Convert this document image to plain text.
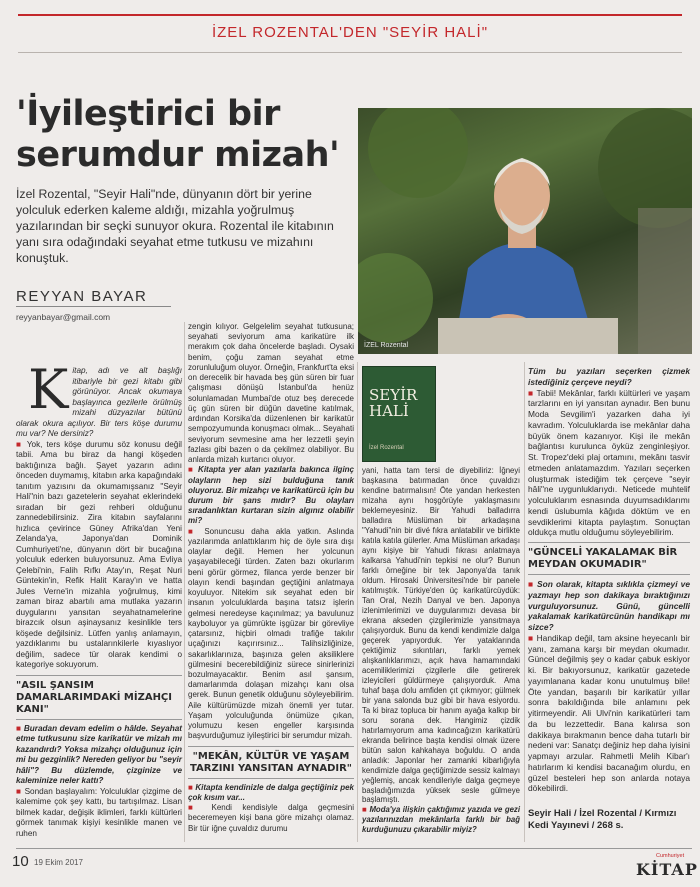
İZEL ROZENTAL'DEN "SEYİR HALİ"
'İyileştirici bir serumdur mizah'

İzel Rozental, "Seyir Hali"nde, dünyanın dört bir yerine yolculuk ederken kaleme aldığı, mizahla yoğrulmuş yazılarından bir seçki sunuyor okura. Rozental ile kitabının yanı sıra odağındaki seyahat etme tutkusu ve mizahını konuştuk.

REYYAN BAYAR
reyyanbayar@gmail.com
İZEL Rozental
K itap, adı ve alt başlığı itibariyle bir gezi kitabı gibi görünüyor. Ancak okumaya başlayınca gezilerle örülmüş mizahi düzyazılar bütünü olarak okura açılıyor. Bir ters köşe durumu mu var? Ne dersiniz?

■ Yok, ters köşe durumu söz konusu değil tabii. Ama bu biraz da hangi köşeden baktığınıza bağlı. Şayet yazarın adını önceden duymamış, kitabın arka kapağındaki tanıtım yazısını da okumamışsanız "Seyir Hali"nin bazı gazetelerin seyahat eklerindeki sıradan bir gezi rehberi olduğunu zannedebilirsiniz. Zira kitabın sayfalarını hızlıca çevirince Güney Afrika'dan Yeni Zelanda'ya, Japonya'dan Dominik Cumhuriyeti'ne, dünyanın dört bir bucağına yolculuk ederken buluyorsunuz. Ama Evliya Çelebi'nin, Falih Rıfkı Atay'ın, Reşat Nuri Güntekin'in, Refik Halit Karay'ın ve hatta Jules Verne'in mizahla yoğrulmuş, kimi zaman biraz abartılı ama mutlaka yazarın duygularını yansıtan seyahatnamelerine birazcık olsun aşinaysanız kesinlikle ters köşede değilsiniz. Lütfen yanlış anlamayın, yazdıklarımı bu ustalarınkilerle kıyaslıyor değilim, sadece tür olarak kendimi o kategoriye sokuyorum.

"ASIL ŞANSIM DAMARLARIMDAKİ MİZAHÇI KANI"

■ Buradan devam edelim o hâlde. Seyahat etme tutkusunu size karikatür ve mizah mı kazandırdı? Yoksa mizahçı olduğunuz için mi bu gezginlik? Nereden geliyor bu "seyir hâli"? Bu düzlemde, çizginize ve kaleminize neler kattı?

■ Sondan başlayalım: Yolculuklar çizgime de kalemime çok şey kattı, bu tartışılmaz. Lisan bilmek kadar, değişik iklimleri, farklı kültürleri görmek tanımak kişiyi kesinlikle manen ve ruhen

zengin kılıyor. Gelgelelim seyahat tutkusuna; seyahati seviyorum ama karikatüre ilk merakım çok daha öncelerde başladı. Oysaki benim, çoğu zaman seyahat etme zorunluluğum oluyor. Örneğin, Frankfurt'ta eksi on derecelik bir havada beş gün süren bir fuar çalışması dönüşü İstanbul'da henüz solunlamadan Mumbai'de otuz beş derecede üç gün süren bir düğün davetine katılmak, ardından Korsika'da düzenlenen bir karikatür sempozyumunda konuşmacı olmak... Seyahati seviyorum sevmesine ama her lezzetli şeyin fazlası gibi bazen o da çekilmez olabiliyor. Bu anlarda mizah kurtarıcı oluyor.

■ Kitapta yer alan yazılarla bakınca ilginç olayların hep sizi bulduğuna tanık oluyoruz. Bir mizahçı ve karikatürcü için bu durum bir şans mıdır? Bu olayları sıradanlıktan kurtaran sizin algınız olabilir mi?

■ Sonuncusu daha akla yatkın. Aslında yazılarımda anlattıklarım hiç de öyle sıra dışı olaylar değil. Hemen her yolcunun yaşayabileceği türden. Zaten bazı okurlarım beni görür görmez, filanca yerde benzer bir olayın kendi başından geçtiğini anlatmaya koyuluyor. Nitekim sık seyahat eden bir insanın yolculuklarda başına tatsız işlerin gelmesi neredeyse kaçınılmaz; ya bavulunuz kayboluyor ya gümrükte işgüzar bir görevliye çatarsınız, hiçbiri olmadı trafiğe takılır uçağınızı kaçırırsınız... Talihsizliğinize, sakarlıklarınıza, başınıza gelen aksiliklere gülmesini becerebildiğiniz sürece sinirlerinizi bozulmayacaktır. Benim asıl şansım, damarlarımda dolaşan mizahçı kanı olsa gerek. Bunun genetik olduğunu söyleyebilirim. Aile kültürümüzde mizah önemli yer tutar. Yaşam yolculuğunda önümüze çıkan, yolumuzu kesen engeller karşısında başvurduğumuz iyileştirici bir serumdur mizah.

"MEKÂN, KÜLTÜR VE YAŞAM TARZINI YANSITAN AYNADIR"

■ Kitapta kendinizle de dalga geçtiğiniz pek çok kısım var...

■ Kendi kendisiyle dalga geçmesini beceremeyen kişi bana göre mizahçı olamaz. Bir tür iğne çuvaldız durumu

SEYİR
HALİ
İzel Rozental

yani, hatta tam tersi de diyebiliriz: İğneyi başkasına batırmadan önce çuvaldızı kendine batırmalısın! Öte yandan herkesten mizaha aynı hoşgörüyle yaklaşmasını beklemeyesiniz. Bir Yahudi balladırra balladıra Müslüman bir arkadaşına "Yahudi"nin bir divé fıkra anlatabilir ve birlikte katıla katıla gülerler. Ama Müslüman arkadaşı aynı kişiye bir Yahudi fıkrası anlatmaya kalkarsa Yahudi'nin tepkisi ne olur? Bunun farklı örneğine bir tek Japonya'da tanık oldum. Hirosaki Üniversitesi'nde bir panele katılmıştık. Türkiye'den üç karikatürcüydük: Tan Oral, Nezih Danyal ve ben. Japonya izlenimlerimizi ve duygularımızı devasa bir ekrana akseden çizgilerimizle yansıtmaya çalışıyorduk. Bunu da kendi kendimizle dalga geçerek yapıyorduk. Yer yataklarında çektiğimiz sıkıntıları, farklı yemek alışkanlıklarımızı, açık hava hamamındaki acemiliklerimizi çizgilerle dile getirerek izleyicileri güldürmeye çalışıyorduk. Ama tuhaf başa dolu amfiden çıt çıkmıyor; gülmek bir yana salonda buz gibi bir hava esiyordu. Ta ki biraz topluca bir hanım ayağa kalkıp bir soru sorana dek. Hangimiz çizdik hatırlamıyorum ama kadıncağızın karikatürü ekranda belirince başta kendisi olmak üzere bütün salon kahkahaya boğuldu. O anda anladık: Japonlar her zamanki kibarlığıyla kendimizle dalga geçtiğimizde sessiz kalmayı yeğlemiş, ancak kendileriyle dalga geçmeye başladığımızda yüksek sesle gülmeye başlamıştı.

■ Moda'ya ilişkin çaktığımız yazıda ve gezi yazılarınızdan mekânlarla farklı bir bağ kurduğunuzu çıkarabilir miyiz?

Tüm bu yazıları seçerken çizmek istediğiniz çerçeve neydi?

■ Tabii! Mekânlar, farklı kültürleri ve yaşam tarzlarını en iyi yansıtan aynadır. Ben bunu Moda Sevgilim'i yazarken daha iyi kavradım. Yolculuklarda ise mekânlar daha büyük önem kazanıyor. Kişi ile mekân bağlantısı kurulunca öyküz zenginleşiyor. St. Tropez'deki plaj ortamını, mekânı tasvir etmeden anlatamazdım. Yazıları seçerken oluşturmak istediğim tek çerçeve "seyir hâli"ne uygunluklarıydı. Neticede muhtelif yolculuklarım esnasında duyumsadıklarımı kendi üslubumla kâğıda döktüm ve en sevdiklerimi kitapta paylaştım. Sonuçtan oldukça mutlu olduğumu söyleyebilirim.

"GÜNCELİ YAKALAMAK BİR MEYDAN OKUMADIR"

■ Son olarak, kitapta sıklıkla çizmeyi ve yazmayı hep son dakikaya bıraktığınızı vurguluyorsunuz. Günü, güncelli yakalamak karikatürcünün handikapı mı sizce?

■ Handikap değil, tam aksine heyecanlı bir yanı, zamana karşı bir meydan okumadır. Güncel değilmiş şey o kadar çabuk eskiyor ki. Bir bakıyorsunuz, karikatür gazetede yayımlanana kadar konu unutulmuş bile! Öte yandan, başarılı bir karikatür yıllar sonra bakıldığında bile anlamını pek yitirmeyendir. Ali Ulvi'nin karikatürleri tam da bu lezzettedir. Bana kalırsa son dakikaya bırakmanın bence daha tutarlı bir nedeni var: Sanatçı değiniz hep daha iyisini yapmayı arzular. Rahmetli Melih Kibar'ı hatırlarım ki kendisi bacanağım olurdu, en güzel besteleri hep son anlarda notaya dökebilirdi.

Seyir Hali / İzel Rozental / Kırmızı Kedi Yayınevi / 268 s.
10 19 Ekim 2017
Cumhuriyet
KİTAP
